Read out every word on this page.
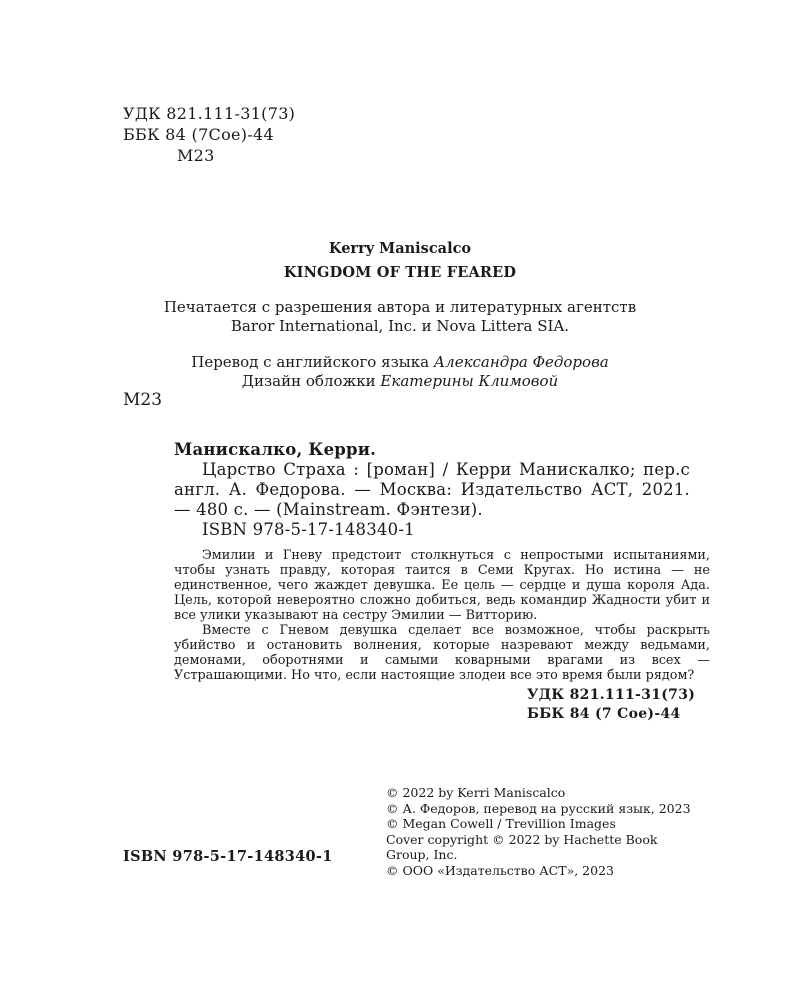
УДК 821.111-31(73)
ББК 84 (7Сое)-44
М23
Kerry Maniscalco
KINGDOM OF THE FEARED
Печатается с разрешения автора и литературных агентств
Baror International, Inc. и Nova Littera SIA.
Перевод с английского языка Александра Федорова
Дизайн обложки Екатерины Климовой
М23
Манискалко, Керри.
Царство Страха : [роман] / Керри Манискалко; пер.с англ. А. Федорова. — Москва: Издательство АСТ, 2021. — 480 с. — (Mainstream. Фэнтези).
ISBN 978-5-17-148340-1

Эмилии и Гневу предстоит столкнуться с непростыми испытаниями, чтобы узнать правду, которая таится в Семи Кругах. Но истина — не единственное, чего жаждет девушка. Ее цель — сердце и душа короля Ада. Цель, которой невероятно сложно добиться, ведь командир Жадности убит и все улики указывают на сестру Эмилии — Витторию.

Вместе с Гневом девушка сделает все возможное, чтобы раскрыть убийство и остановить волнения, которые назревают между ведьмами, демонами, оборотнями и самыми коварными врагами из всех — Устрашающими. Но что, если настоящие злодеи все это время были рядом?

УДК 821.111-31(73)
ББК 84 (7 Сое)-44
© 2022 by Kerri Maniscalco
© А. Федоров, перевод на русский язык, 2023
© Megan Cowell / Trevillion Images
Cover copyright © 2022 by Hachette Book Group, Inc.
© ООО «Издательство АСТ», 2023
ISBN 978-5-17-148340-1
